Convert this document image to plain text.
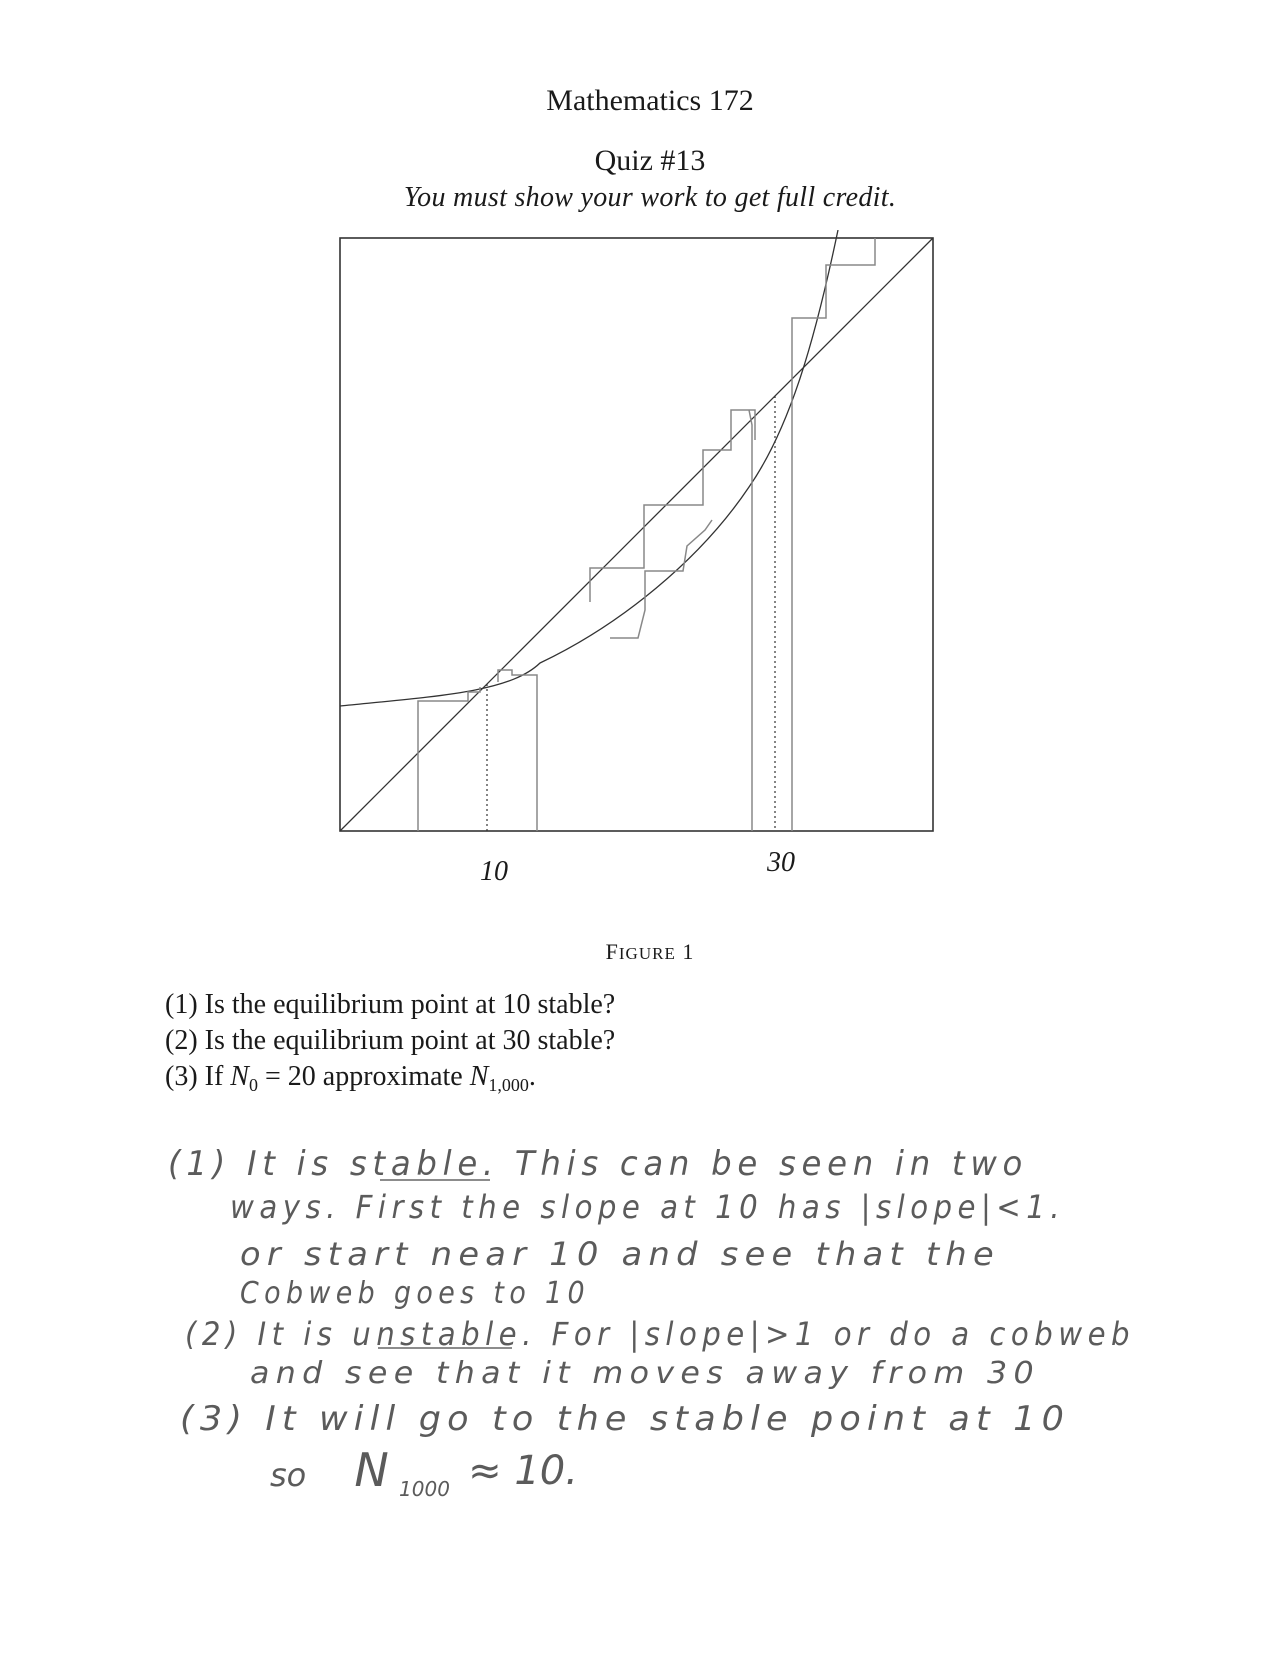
Mathematics 172
Quiz #13
You must show your work to get full credit.
10	30
FIGURE 1
(1) Is the equilibrium point at 10 stable?
(2) Is the equilibrium point at 30 stable?
(3) If $N_0 = 20$ approximate $N_{1,000}$.
(1) It is stable. This can be seen in two
ways. First the slope at 10 has |slope|<1.
or start near 10 and see that the
Cobweb goes to 10
(2) It is unstable. For |slope|>1 or do a cobweb
and see that it moves away from 30
(3) It will go to the stable point at 10
so N $_{1000}$ ≈ 10.
